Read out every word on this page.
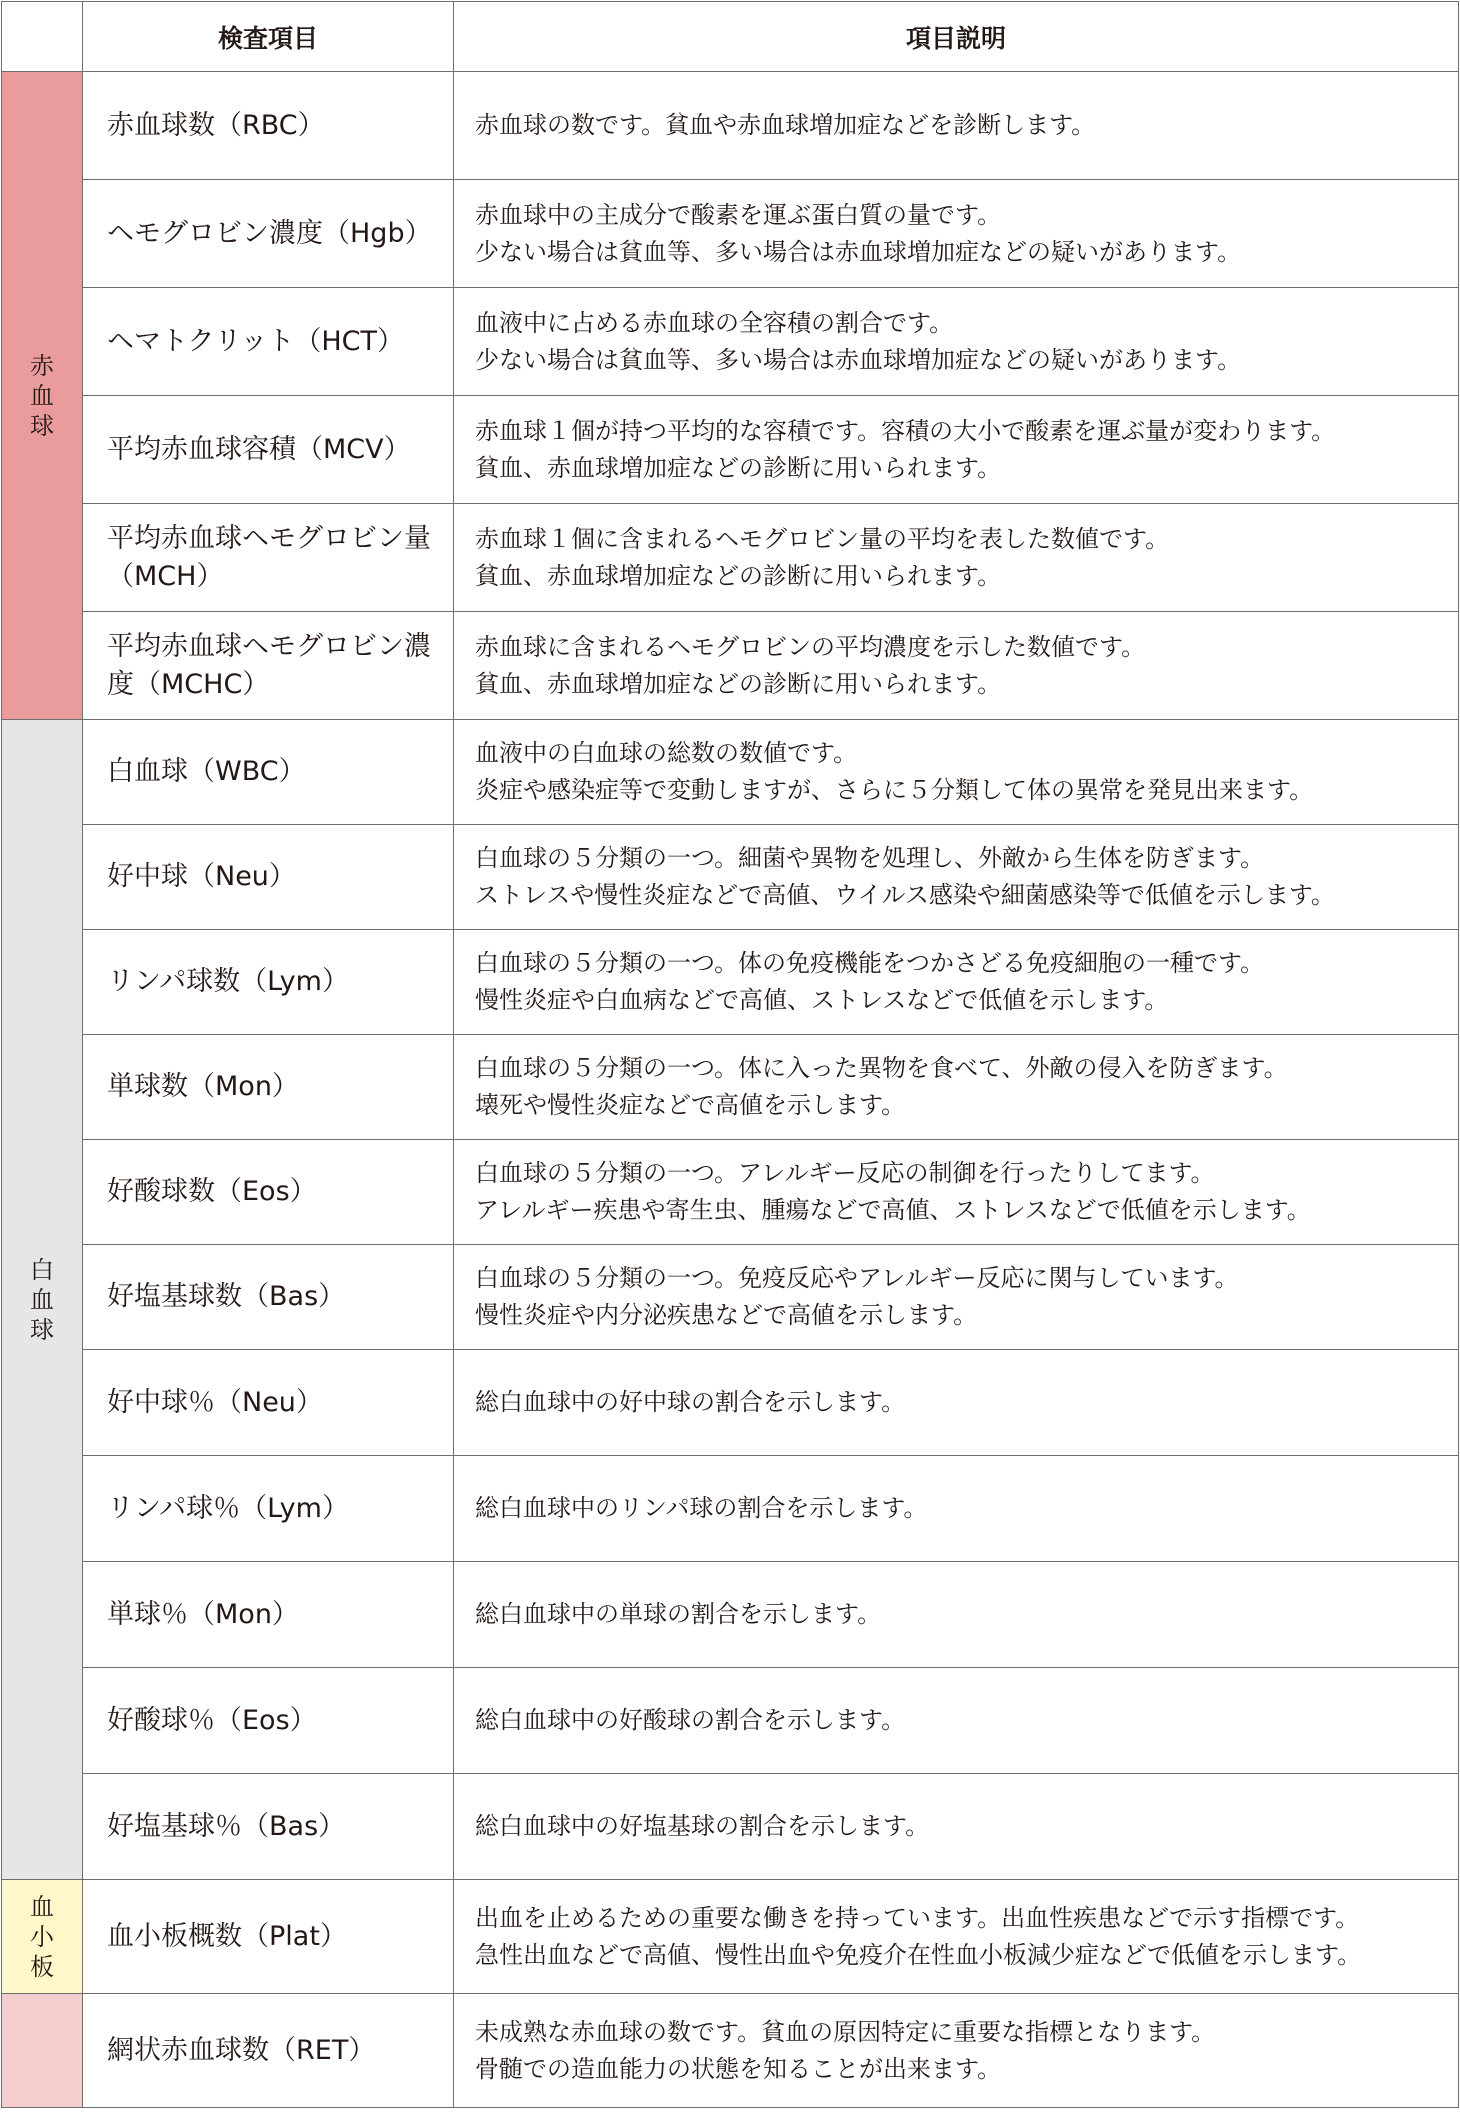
	検査項目	項目説明
赤血球	赤血球数（RBC）	赤血球の数です。貧血や赤血球増加症などを診断します。

	ヘモグロビン濃度（Hgb）	赤血球中の主成分で酸素を運ぶ蛋白質の量です。
少ない場合は貧血等、多い場合は赤血球増加症などの疑いがあります。

	ヘマトクリット（HCT）	血液中に占める赤血球の全容積の割合です。
少ない場合は貧血等、多い場合は赤血球増加症などの疑いがあります。

	平均赤血球容積（MCV）	赤血球１個が持つ平均的な容積です。容積の大小で酸素を運ぶ量が変わります。
貧血、赤血球増加症などの診断に用いられます。

	平均赤血球ヘモグロビン量（MCH）	赤血球１個に含まれるヘモグロビン量の平均を表した数値です。
貧血、赤血球増加症などの診断に用いられます。

	平均赤血球ヘモグロビン濃度（MCHC）	赤血球に含まれるヘモグロビンの平均濃度を示した数値です。
貧血、赤血球増加症などの診断に用いられます。

白血球	白血球（WBC）	血液中の白血球の総数の数値です。
炎症や感染症等で変動しますが、さらに５分類して体の異常を発見出来ます。

	好中球（Neu）	白血球の５分類の一つ。細菌や異物を処理し、外敵から生体を防ぎます。
ストレスや慢性炎症などで高値、ウイルス感染や細菌感染等で低値を示します。

	リンパ球数（Lym）	白血球の５分類の一つ。体の免疫機能をつかさどる免疫細胞の一種です。
慢性炎症や白血病などで高値、ストレスなどで低値を示します。

	単球数（Mon）	白血球の５分類の一つ。体に入った異物を食べて、外敵の侵入を防ぎます。
壊死や慢性炎症などで高値を示します。

	好酸球数（Eos）	白血球の５分類の一つ。アレルギー反応の制御を行ったりしてます。
アレルギー疾患や寄生虫、腫瘍などで高値、ストレスなどで低値を示します。

	好塩基球数（Bas）	白血球の５分類の一つ。免疫反応やアレルギー反応に関与しています。
慢性炎症や内分泌疾患などで高値を示します。

	好中球％（Neu）	総白血球中の好中球の割合を示します。

	リンパ球％（Lym）	総白血球中のリンパ球の割合を示します。

	単球％（Mon）	総白血球中の単球の割合を示します。

	好酸球％（Eos）	総白血球中の好酸球の割合を示します。

	好塩基球％（Bas）	総白血球中の好塩基球の割合を示します。

血小板	血小板概数（Plat）	出血を止めるための重要な働きを持っています。出血性疾患などで示す指標です。
急性出血などで高値、慢性出血や免疫介在性血小板減少症などで低値を示します。

	網状赤血球数（RET）	未成熟な赤血球の数です。貧血の原因特定に重要な指標となります。
骨髄での造血能力の状態を知ることが出来ます。
